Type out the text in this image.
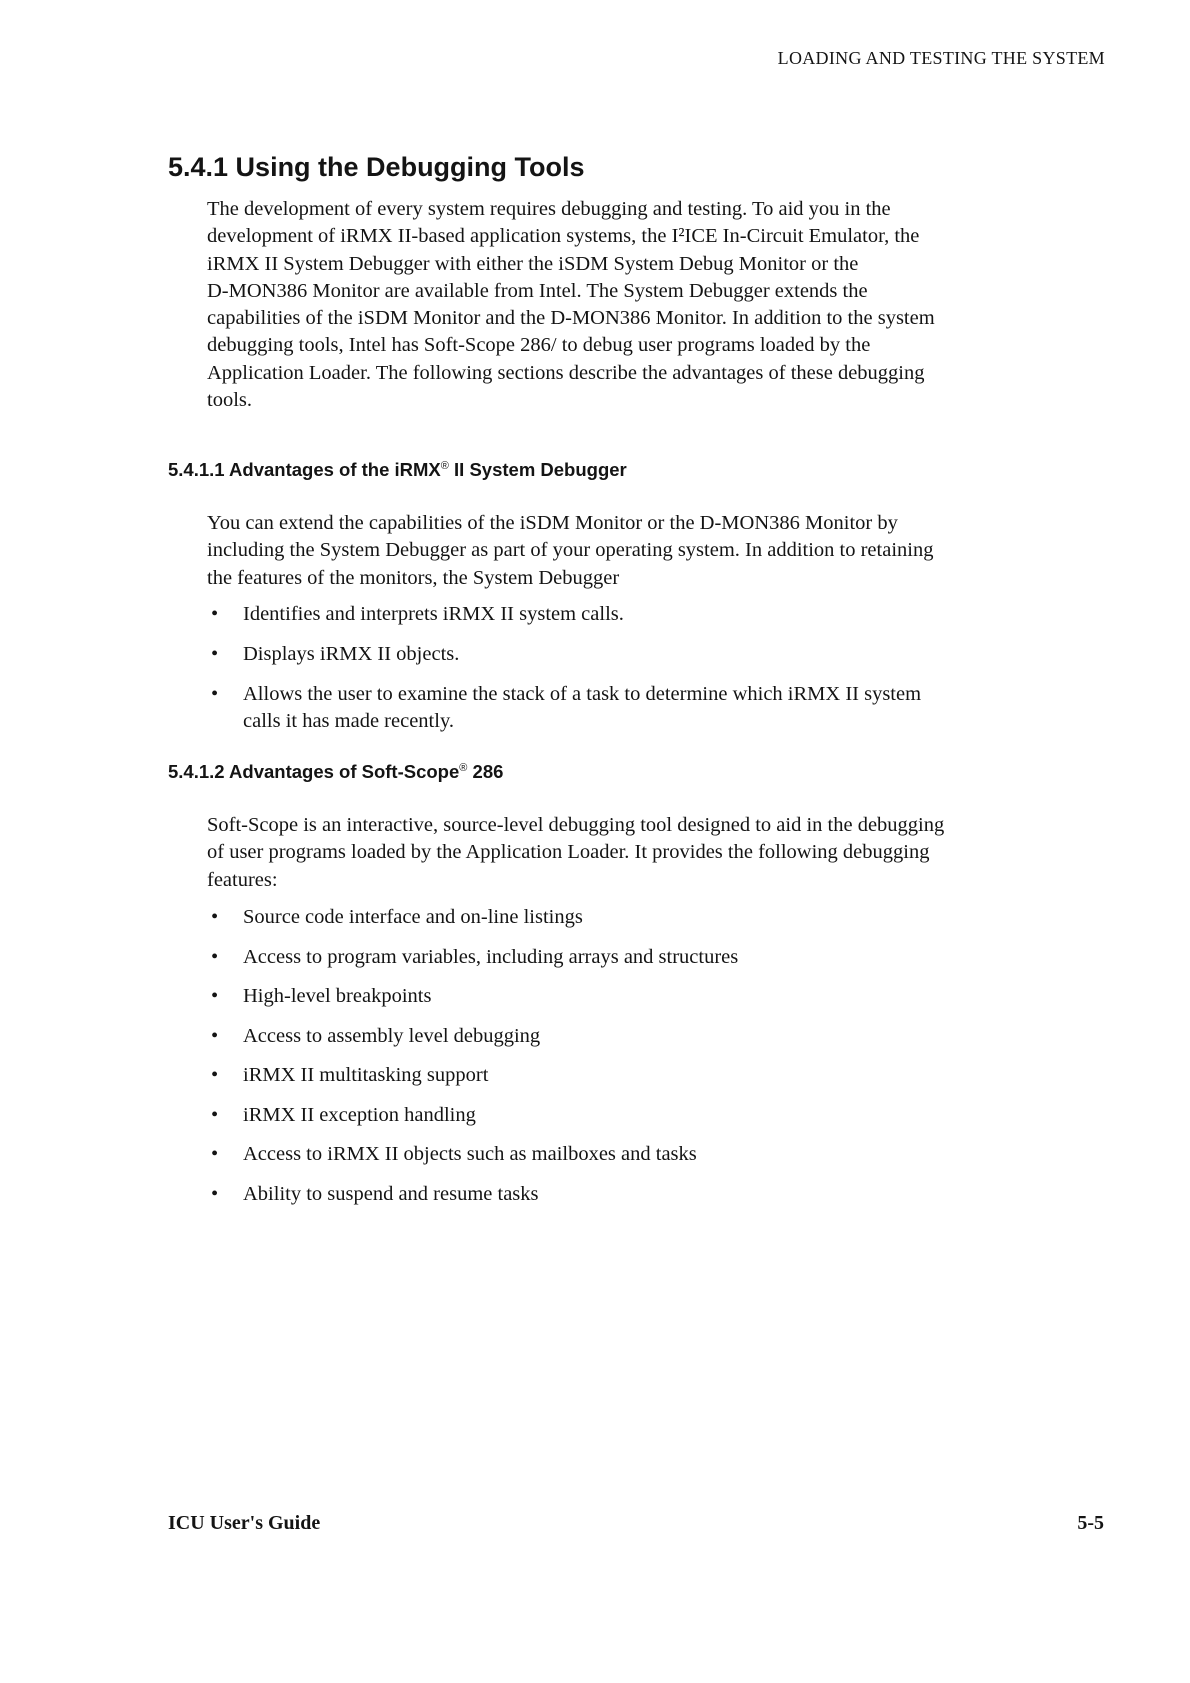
LOADING AND TESTING THE SYSTEM
5.4.1 Using the Debugging Tools

The development of every system requires debugging and testing. To aid you in the
development of iRMX II-based application systems, the I²ICE In-Circuit Emulator, the
iRMX II System Debugger with either the iSDM System Debug Monitor or the
D-MON386 Monitor are available from Intel. The System Debugger extends the
capabilities of the iSDM Monitor and the D-MON386 Monitor. In addition to the system
debugging tools, Intel has Soft-Scope 286/ to debug user programs loaded by the
Application Loader. The following sections describe the advantages of these debugging
tools.

5.4.1.1 Advantages of the iRMX® II System Debugger

You can extend the capabilities of the iSDM Monitor or the D-MON386 Monitor by
including the System Debugger as part of your operating system. In addition to retaining
the features of the monitors, the System Debugger

• Identifies and interprets iRMX II system calls.
• Displays iRMX II objects.
• Allows the user to examine the stack of a task to determine which iRMX II system
calls it has made recently.
5.4.1.2 Advantages of Soft-Scope® 286

Soft-Scope is an interactive, source-level debugging tool designed to aid in the debugging
of user programs loaded by the Application Loader. It provides the following debugging
features:

• Source code interface and on-line listings
• Access to program variables, including arrays and structures
• High-level breakpoints
• Access to assembly level debugging
• iRMX II multitasking support
• iRMX II exception handling
• Access to iRMX II objects such as mailboxes and tasks
• Ability to suspend and resume tasks
ICU User's Guide	5-5
